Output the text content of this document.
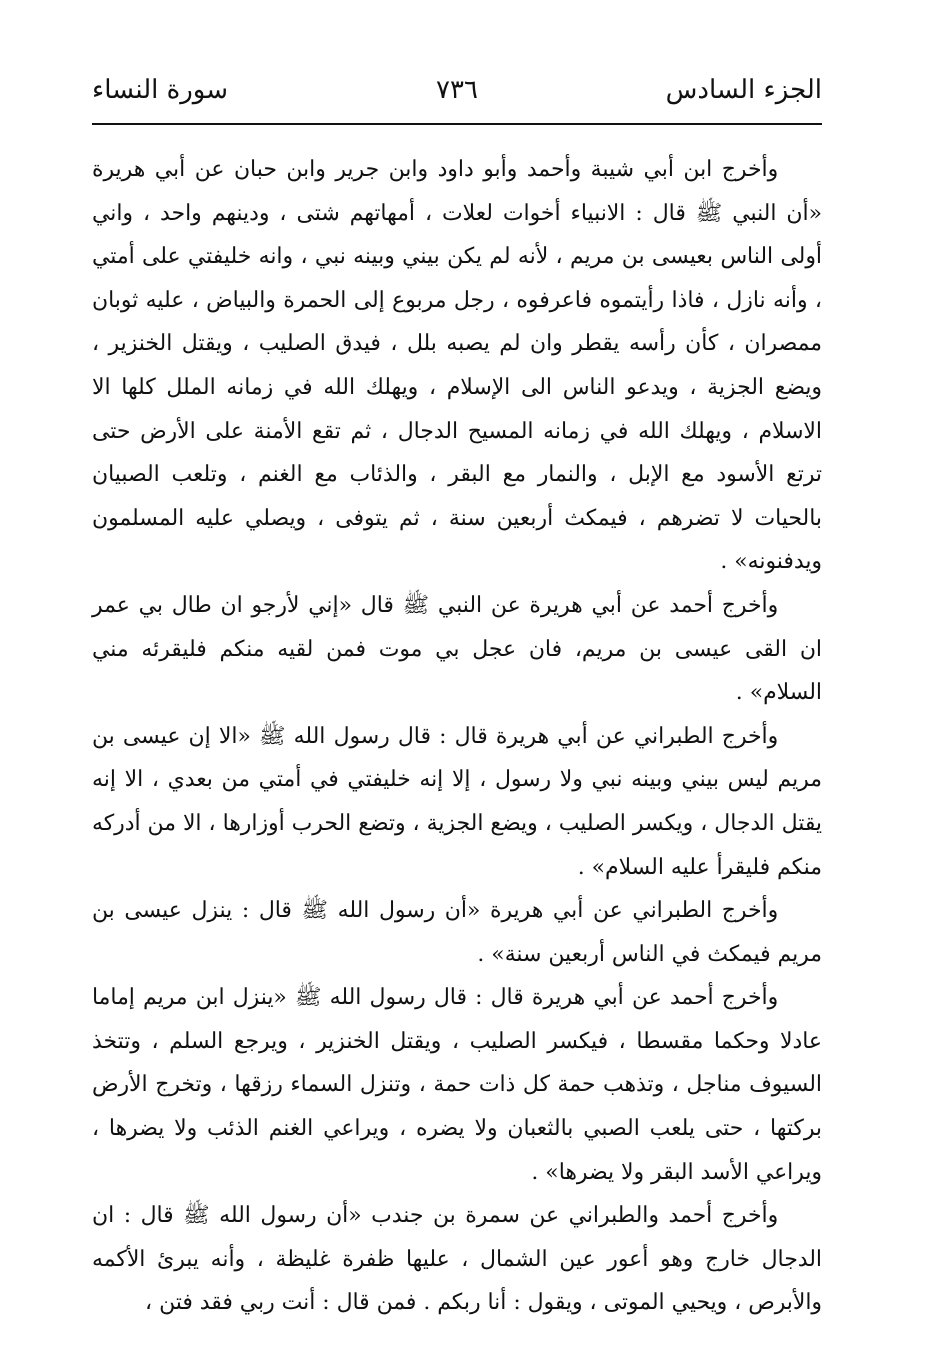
الجزء السادس
٧٣٦
سورة النساء

وأخرج ابن أبي شيبة وأحمد وأبو داود وابن جرير وابن حبان عن أبي هريرة «أن النبي ﷺ قال : الانبياء أخوات لعلات ، أمهاتهم شتى ، ودينهم واحد ، واني أولى الناس بعيسى بن مريم ، لأنه لم يكن بيني وبينه نبي ، وانه خليفتي على أمتي ، وأنه نازل ، فاذا رأيتموه فاعرفوه ، رجل مربوع إلى الحمرة والبياض ، عليه ثوبان ممصران ، كأن رأسه يقطر وان لم يصبه بلل ، فيدق الصليب ، ويقتل الخنزير ، ويضع الجزية ، ويدعو الناس الى الإسلام ، ويهلك الله في زمانه الملل كلها الا الاسلام ، ويهلك الله في زمانه المسيح الدجال ، ثم تقع الأمنة على الأرض حتى ترتع الأسود مع الإبل ، والنمار مع البقر ، والذئاب مع الغنم ، وتلعب الصبيان بالحيات لا تضرهم ، فيمكث أربعين سنة ، ثم يتوفى ، ويصلي عليه المسلمون ويدفنونه» .

وأخرج أحمد عن أبي هريرة عن النبي ﷺ قال «إني لأرجو ان طال بي عمر ان القى عيسى بن مريم، فان عجل بي موت فمن لقيه منكم فليقرئه مني السلام» .

وأخرج الطبراني عن أبي هريرة قال : قال رسول الله ﷺ «الا إن عيسى بن مريم ليس بيني وبينه نبي ولا رسول ، إلا إنه خليفتي في أمتي من بعدي ، الا إنه يقتل الدجال ، ويكسر الصليب ، ويضع الجزية ، وتضع الحرب أوزارها ، الا من أدركه منكم فليقرأ عليه السلام» .

وأخرج الطبراني عن أبي هريرة «أن رسول الله ﷺ قال : ينزل عيسى بن مريم فيمكث في الناس أربعين سنة» .

وأخرج أحمد عن أبي هريرة قال : قال رسول الله ﷺ «ينزل ابن مريم إماما عادلا وحكما مقسطا ، فيكسر الصليب ، ويقتل الخنزير ، ويرجع السلم ، وتتخذ السيوف مناجل ، وتذهب حمة كل ذات حمة ، وتنزل السماء رزقها ، وتخرج الأرض بركتها ، حتى يلعب الصبي بالثعبان ولا يضره ، ويراعي الغنم الذئب ولا يضرها ، ويراعي الأسد البقر ولا يضرها» .

وأخرج أحمد والطبراني عن سمرة بن جندب «أن رسول الله ﷺ قال : ان الدجال خارج وهو أعور عين الشمال ، عليها ظفرة غليظة ، وأنه يبرئ الأكمه والأبرص ، ويحيي الموتى ، ويقول : أنا ربكم . فمن قال : أنت ربي فقد فتن ،
